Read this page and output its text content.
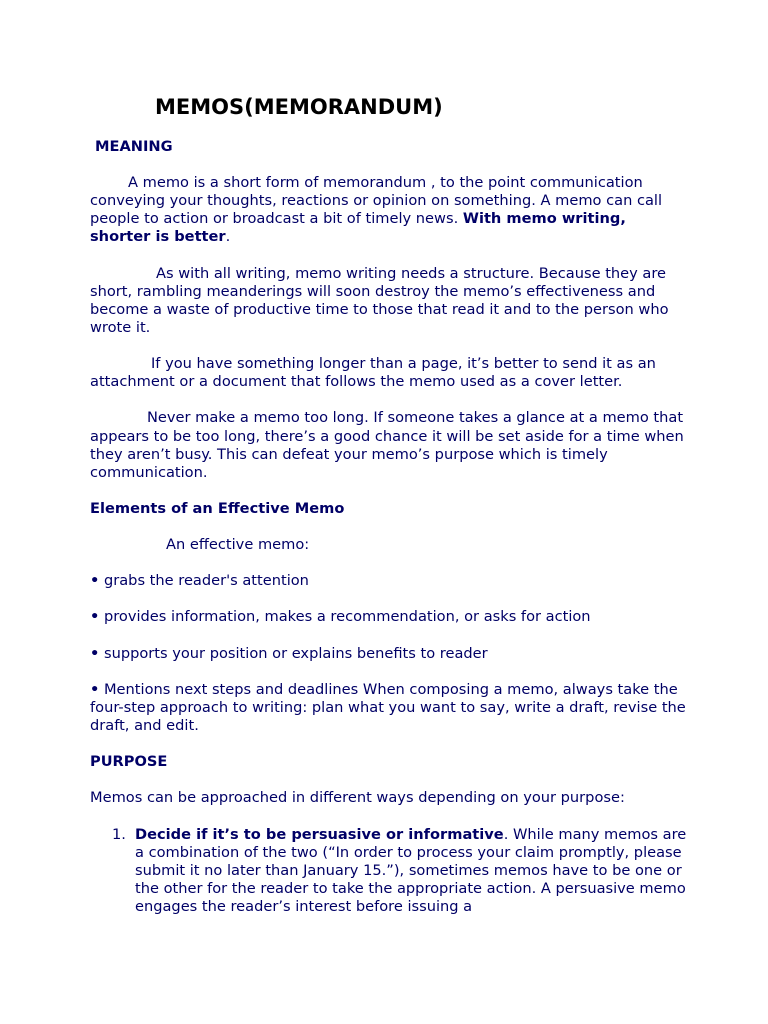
MEMOS(MEMORANDUM)

MEANING

A memo is a short form of memorandum , to the point communication conveying your thoughts, reactions or opinion on something. A memo can call people to action or broadcast a bit of timely news. With memo writing, shorter is better.

As with all writing, memo writing needs a structure. Because they are short, rambling meanderings will soon destroy the memo’s effectiveness and become a waste of productive time to those that read it and to the person who wrote it.

If you have something longer than a page, it’s better to send it as an attachment or a document that follows the memo used as a cover letter.

Never make a memo too long. If someone takes a glance at a memo that appears to be too long, there’s a good chance it will be set aside for a time when they aren’t busy. This can defeat your memo’s purpose which is timely communication.

Elements of an Effective Memo

An effective memo:

• grabs the reader's attention

• provides information, makes a recommendation, or asks for action

• supports your position or explains benefits to reader

• Mentions next steps and deadlines When composing a memo, always take the four-step approach to writing: plan what you want to say, write a draft, revise the draft, and edit.

PURPOSE

Memos can be approached in different ways depending on your purpose:

1. Decide if it’s to be persuasive or informative. While many memos are a combination of the two (“In order to process your claim promptly, please submit it no later than January 15.”), sometimes memos have to be one or the other for the reader to take the appropriate action. A persuasive memo engages the reader’s interest before issuing a
